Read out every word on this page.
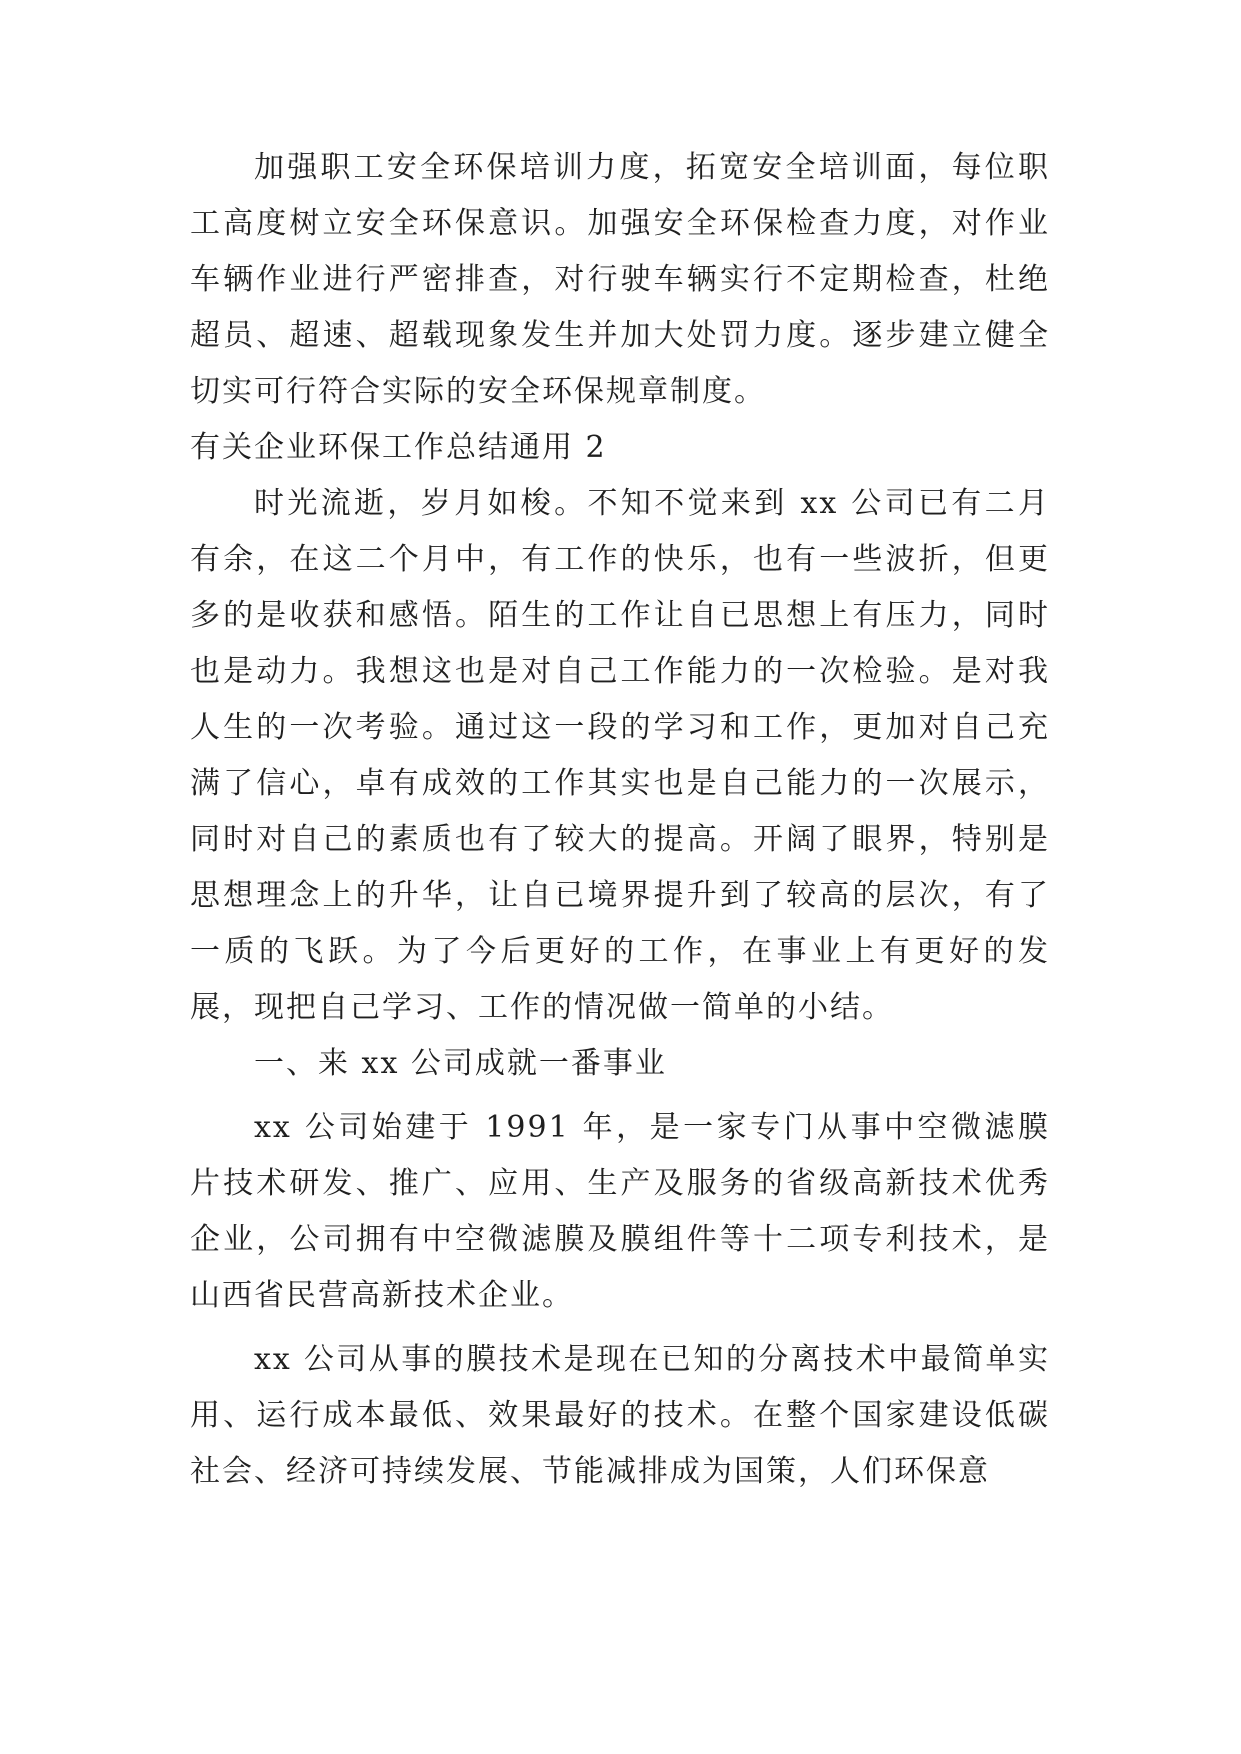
加强职工安全环保培训力度，拓宽安全培训面，每位职工高度树立安全环保意识。加强安全环保检查力度，对作业车辆作业进行严密排查，对行驶车辆实行不定期检查，杜绝超员、超速、超载现象发生并加大处罚力度。逐步建立健全切实可行符合实际的安全环保规章制度。

有关企业环保工作总结通用 2

时光流逝，岁月如梭。不知不觉来到 xx 公司已有二月有余，在这二个月中，有工作的快乐，也有一些波折，但更多的是收获和感悟。陌生的工作让自已思想上有压力，同时也是动力。我想这也是对自己工作能力的一次检验。是对我人生的一次考验。通过这一段的学习和工作，更加对自己充满了信心，卓有成效的工作其实也是自己能力的一次展示，同时对自己的素质也有了较大的提高。开阔了眼界，特别是思想理念上的升华，让自已境界提升到了较高的层次，有了一质的飞跃。为了今后更好的工作，在事业上有更好的发展，现把自己学习、工作的情况做一简单的小结。

一、来 xx 公司成就一番事业

xx 公司始建于 1991 年，是一家专门从事中空微滤膜片技术研发、推广、应用、生产及服务的省级高新技术优秀企业，公司拥有中空微滤膜及膜组件等十二项专利技术，是山西省民营高新技术企业。

xx 公司从事的膜技术是现在已知的分离技术中最简单实用、运行成本最低、效果最好的技术。在整个国家建设低碳社会、经济可持续发展、节能减排成为国策，人们环保意
